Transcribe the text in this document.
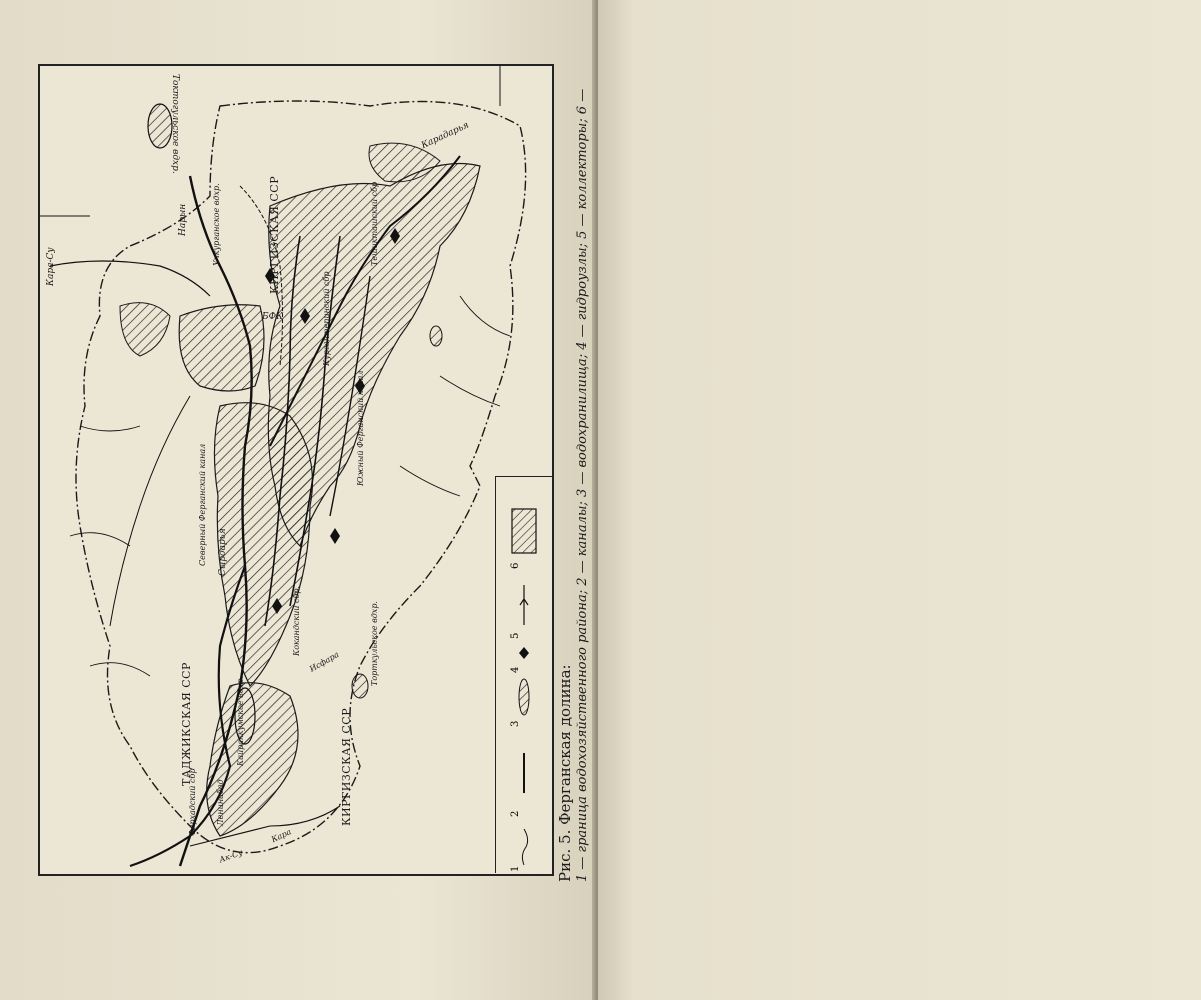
КИРГИЗСКАЯ ССР
ТАДЖИКСКАЯ ССР	КИРГИЗСКАЯ ССР
Токтогульское вдхр.
Нарын
Кара-Су
Учкурганское вдхр.
Карадарья
БФК
Южный Ферганский канал
Северный Ферганский канал Сырдарья
Кокандский сбр.
Ленинабад
Кайраккумское вдхр.
Исфара	Торткульское вдхр.
Фархадский сбр
Ак-Су
Кара
Кургантепинский сбр
Тешикташский сбр
1
2
3
4
5
6
Рис. 5. Ферганская долина: 1 — граница водохозяйственного района; 2 — каналы; 3 — водохранилища; 4 — гидроузлы; 5 — коллекторы; 6 —
